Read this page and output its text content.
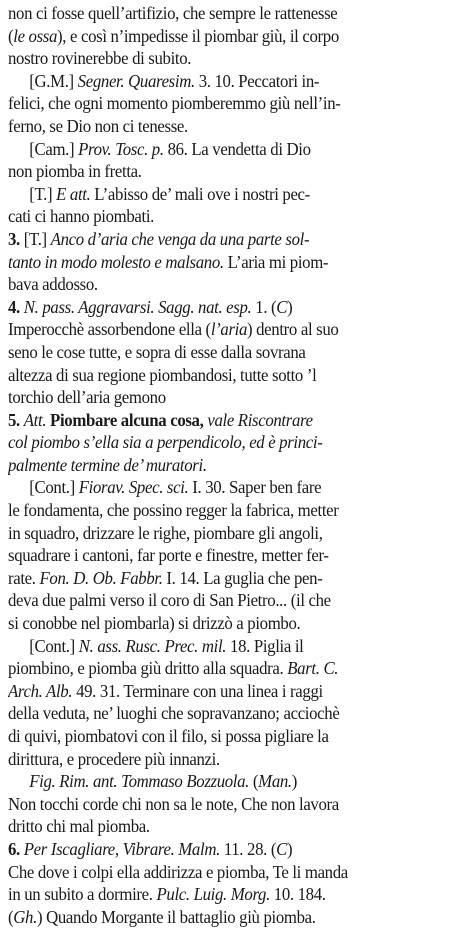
non ci fosse quell’artifizio, che sempre le rattenesse
(le ossa), e così n’impedisse il piombar giù, il corpo
nostro rovinerebbe di subito.
[G.M.] Segner. Quaresim. 3. 10. Peccatori in-
felici, che ogni momento piomberemmo giù nell’in-
ferno, se Dio non ci tenesse.
[Cam.] Prov. Tosc. p. 86. La vendetta di Dio
non piomba in fretta.
[T.] E att. L’abisso de’ mali ove i nostri pec-
cati ci hanno piombati.
3. [T.] Anco d’aria che venga da una parte sol-
tanto in modo molesto e malsano. L’aria mi piom-
bava addosso.
4. N. pass. Aggravarsi. Sagg. nat. esp. 1. (C)
Imperocchè assorbendone ella (l’aria) dentro al suo
seno le cose tutte, e sopra di esse dalla sovrana
altezza di sua regione piombandosi, tutte sotto ’l
torchio dell’aria gemono
5. Att. Piombare alcuna cosa, vale Riscontrare
col piombo s’ella sia a perpendicolo, ed è princi-
palmente termine de’ muratori.
[Cont.] Fiorav. Spec. sci. I. 30. Saper ben fare
le fondamenta, che possino regger la fabrica, metter
in squadro, drizzare le righe, piombare gli angoli,
squadrare i cantoni, far porte e finestre, metter fer-
rate. Fon. D. Ob. Fabbr. I. 14. La guglia che pen-
deva due palmi verso il coro di San Pietro... (il che
si conobbe nel piombarla) si drizzò a piombo.
[Cont.] N. ass. Rusc. Prec. mil. 18. Piglia il
piombino, e piomba giù dritto alla squadra. Bart. C.
Arch. Alb. 49. 31. Terminare con una linea i raggi
della veduta, ne’ luoghi che sopravanzano; acciochè
di quivi, piombatovi con il filo, si possa pigliare la
dirittura, e procedere più innanzi.
Fig. Rim. ant. Tommaso Bozzuola. (Man.)
Non tocchi corde chi non sa le note, Che non lavora
dritto chi mal piomba.
6. Per Iscagliare, Vibrare. Malm. 11. 28. (C)
Che dove i colpi ella addirizza e piomba, Te li manda
in un subito a dormire. Pulc. Luig. Morg. 10. 184.
(Gh.) Quando Morgante il battaglio giù piomba.
